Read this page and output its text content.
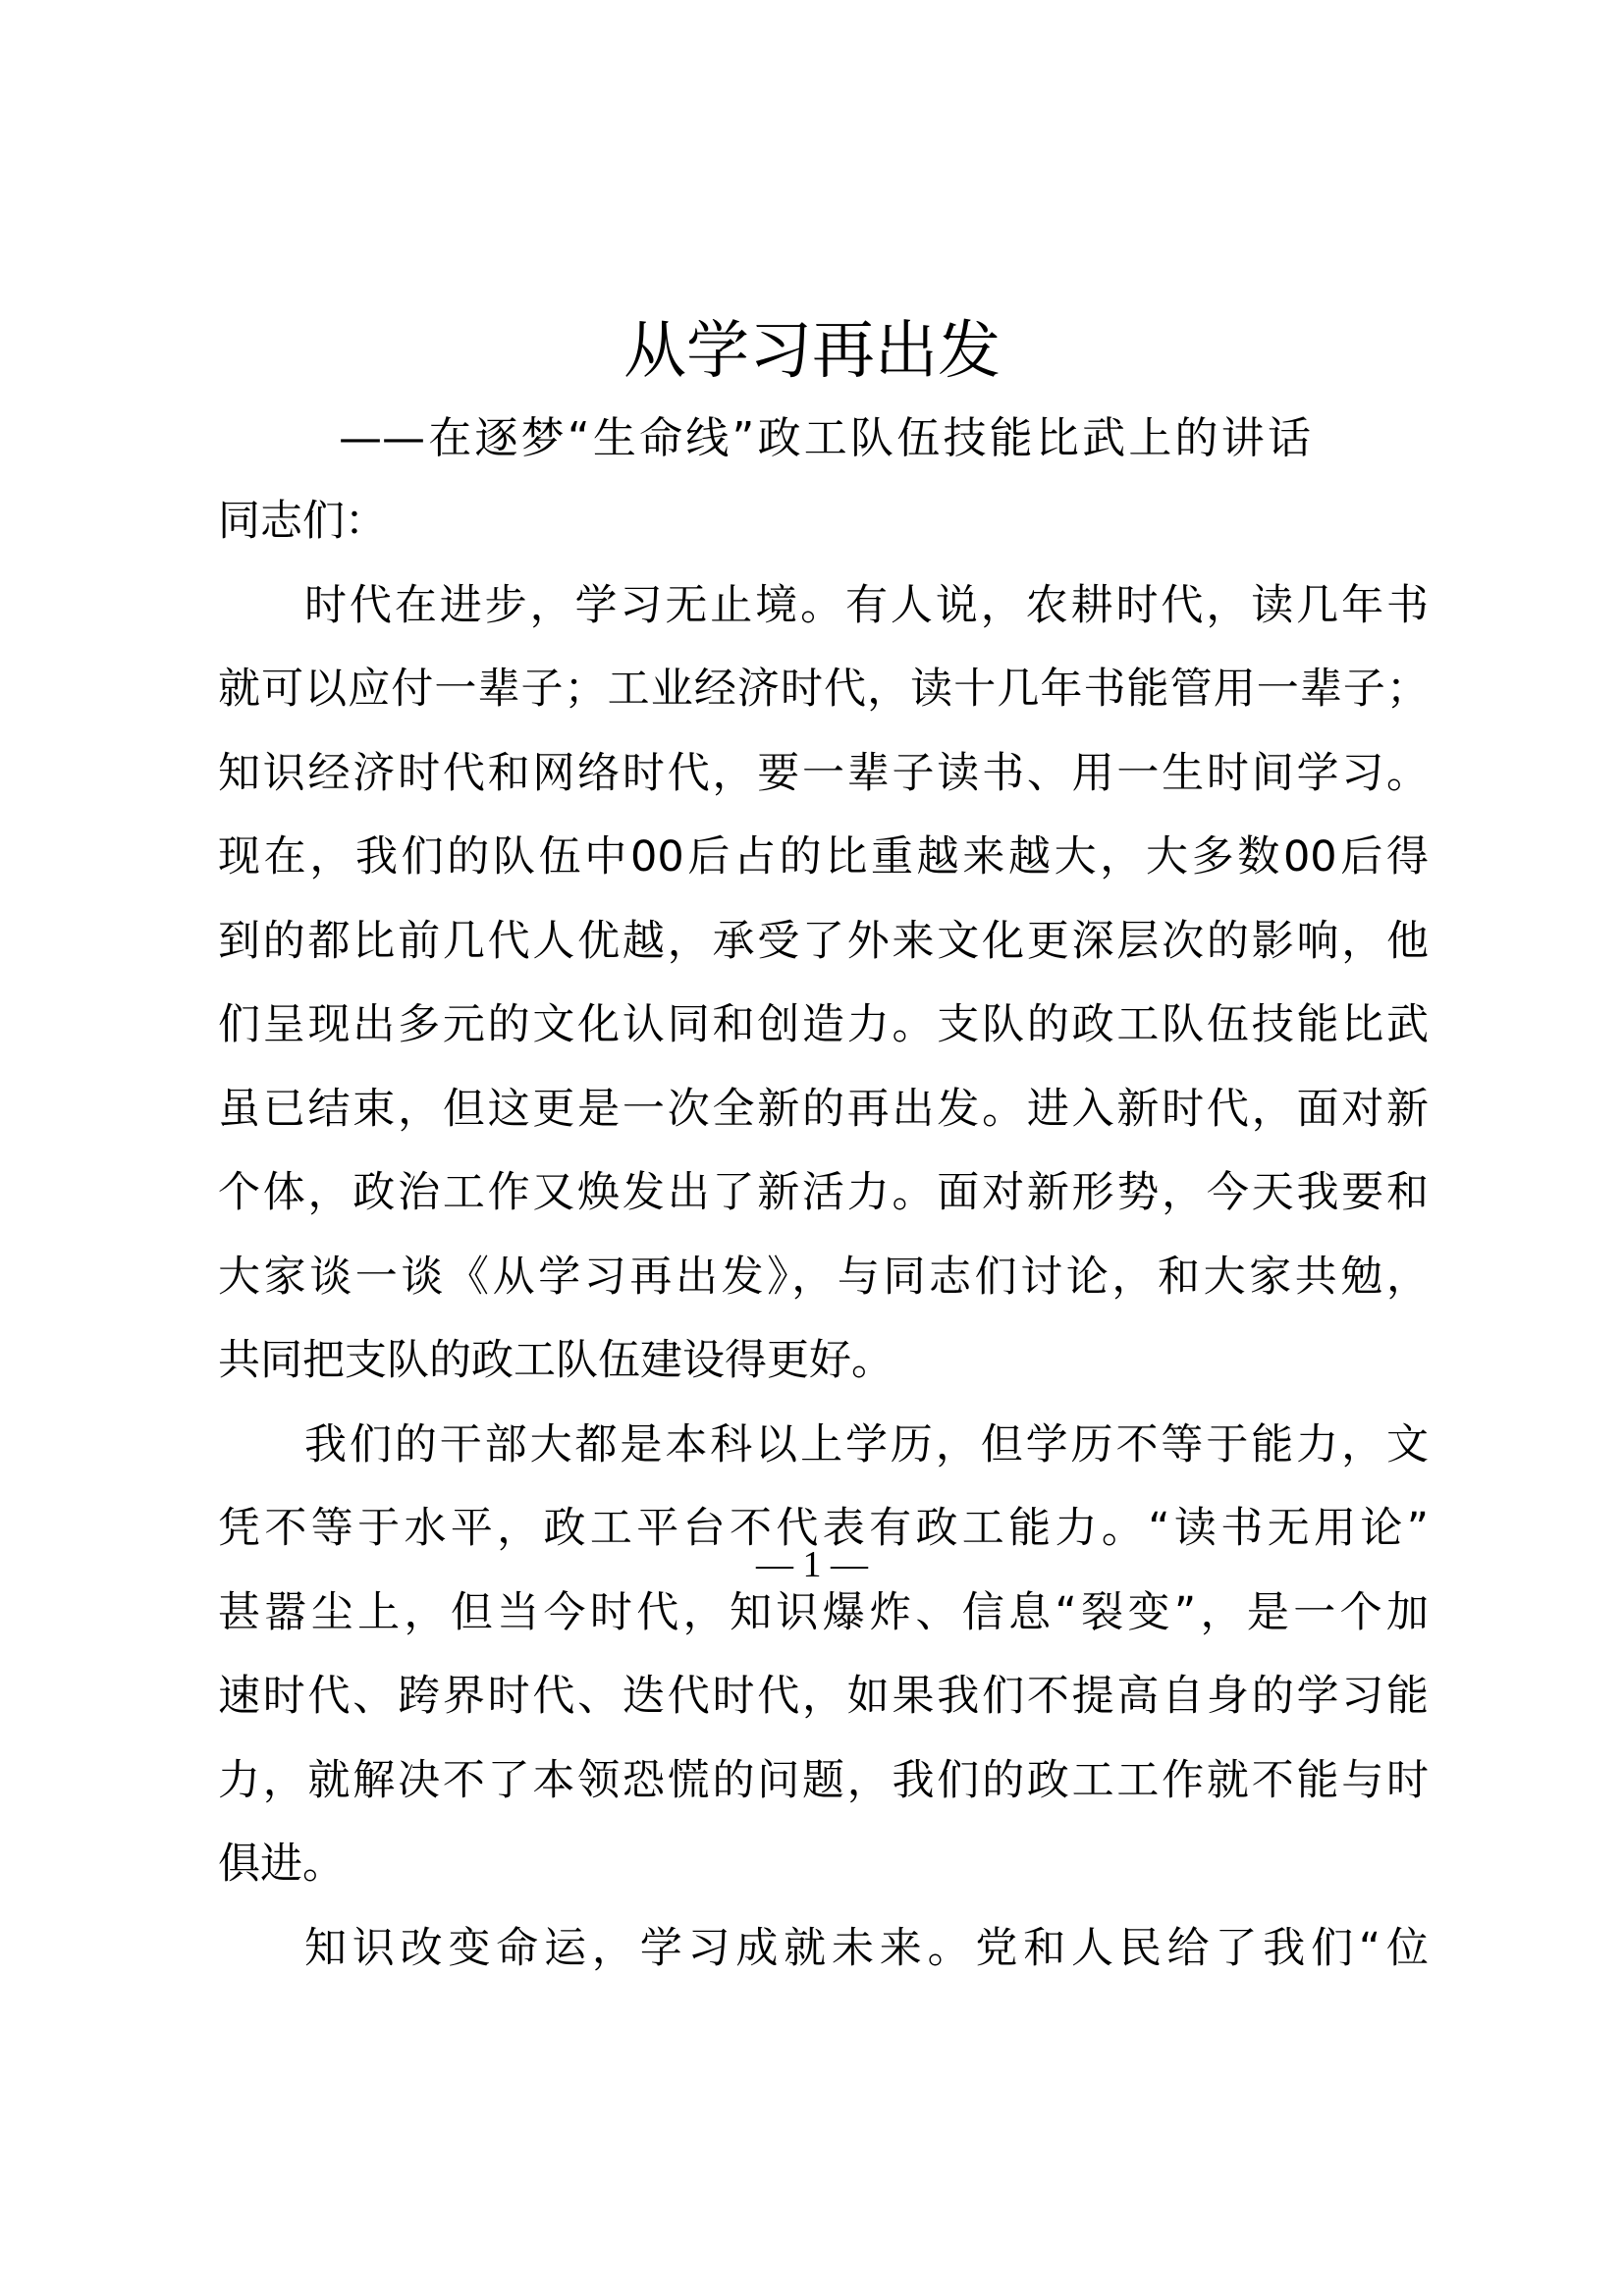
从学习再出发
——在逐梦“生命线”政工队伍技能比武上的讲话
同志们：
时代在进步，学习无止境。有人说，农耕时代，读几年书
就可以应付一辈子；工业经济时代，读十几年书能管用一辈子；
知识经济时代和网络时代，要一辈子读书、用一生时间学习。
现在，我们的队伍中00后占的比重越来越大，大多数00后得
到的都比前几代人优越，承受了外来文化更深层次的影响，他
们呈现出多元的文化认同和创造力。支队的政工队伍技能比武
虽已结束，但这更是一次全新的再出发。进入新时代，面对新
个体，政治工作又焕发出了新活力。面对新形势，今天我要和
大家谈一谈《从学习再出发》，与同志们讨论，和大家共勉，
共同把支队的政工队伍建设得更好。
我们的干部大都是本科以上学历，但学历不等于能力，文
凭不等于水平，政工平台不代表有政工能力。“读书无用论”
甚嚣尘上，但当今时代，知识爆炸、信息“裂变”，是一个加
速时代、跨界时代、迭代时代，如果我们不提高自身的学习能
力，就解决不了本领恐慌的问题，我们的政工工作就不能与时
俱进。
知识改变命运，学习成就未来。党和人民给了我们“位
— 1 —
